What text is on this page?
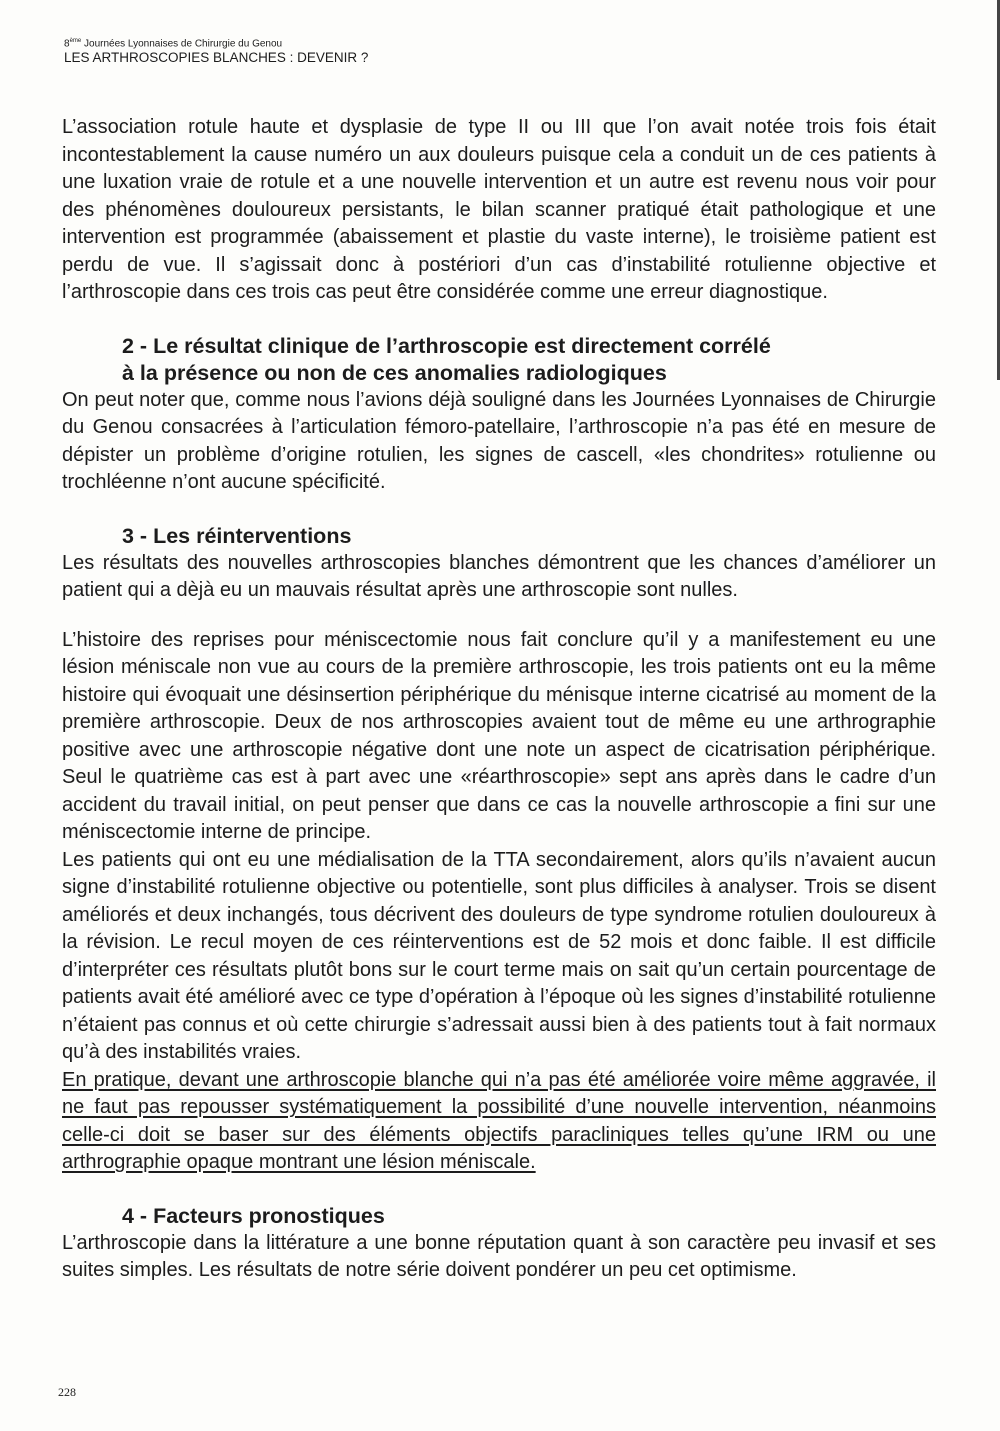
8ème Journées Lyonnaises de Chirurgie du Genou
LES ARTHROSCOPIES BLANCHES : DEVENIR ?

L’association rotule haute et dysplasie de type II ou III que l’on avait notée trois fois était incontestablement la cause numéro un aux douleurs puisque cela a conduit un de ces patients à une luxation vraie de rotule et a une nouvelle intervention et un autre est revenu nous voir pour des phénomènes douloureux persistants, le bilan scanner pratiqué était pathologique et une intervention est programmée (abaissement et plastie du vaste interne), le troisième patient est perdu de vue. Il s’agissait donc à postériori d’un cas d’instabilité rotulienne objective et l’arthroscopie dans ces trois cas peut être considérée comme une erreur diagnostique.

2 - Le résultat clinique de l’arthroscopie est directement corrélé
à la présence ou non de ces anomalies radiologiques

On peut noter que, comme nous l’avions déjà souligné dans les Journées Lyonnaises de Chirurgie du Genou consacrées à l’articulation fémoro-patellaire, l’arthroscopie n’a pas été en mesure de dépister un problème d’origine rotulien, les signes de cascell, «les chondrites» rotulienne ou trochléenne n’ont aucune spécificité.

3 - Les réinterventions

Les résultats des nouvelles arthroscopies blanches démontrent que les chances d’améliorer un patient qui a dèjà eu un mauvais résultat après une arthroscopie sont nulles.

L’histoire des reprises pour méniscectomie nous fait conclure qu’il y a manifestement eu une lésion méniscale non vue au cours de la première arthroscopie, les trois patients ont eu la même histoire qui évoquait une désinsertion périphérique du ménisque interne cicatrisé au moment de la première arthroscopie. Deux de nos arthroscopies avaient tout de même eu une arthrographie positive avec une arthroscopie négative dont une note un aspect de cicatrisation périphérique. Seul le quatrième cas est à part avec une «réarthroscopie» sept ans après dans le cadre d’un accident du travail initial, on peut penser que dans ce cas la nouvelle arthroscopie a fini sur une méniscectomie interne de principe.

Les patients qui ont eu une médialisation de la TTA secondairement, alors qu’ils n’avaient aucun signe d’instabilité rotulienne objective ou potentielle, sont plus difficiles à analyser. Trois se disent améliorés et deux inchangés, tous décrivent des douleurs de type syndrome rotulien douloureux à la révision. Le recul moyen de ces réinterventions est de 52 mois et donc faible. Il est difficile d’interpréter ces résultats plutôt bons sur le court terme mais on sait qu’un certain pourcentage de patients avait été amélioré avec ce type d’opération à l’époque où les signes d’instabilité rotulienne n’étaient pas connus et où cette chirurgie s’adressait aussi bien à des patients tout à fait normaux qu’à des instabilités vraies.

En pratique, devant une arthroscopie blanche qui n’a pas été améliorée voire même aggravée, il ne faut pas repousser systématiquement la possibilité d’une nouvelle intervention, néanmoins celle-ci doit se baser sur des éléments objectifs paracliniques telles qu’une IRM ou une arthrographie opaque montrant une lésion méniscale.

4 - Facteurs pronostiques

L’arthroscopie dans la littérature a une bonne réputation quant à son caractère peu invasif et ses suites simples. Les résultats de notre série doivent pondérer un peu cet optimisme.

228
